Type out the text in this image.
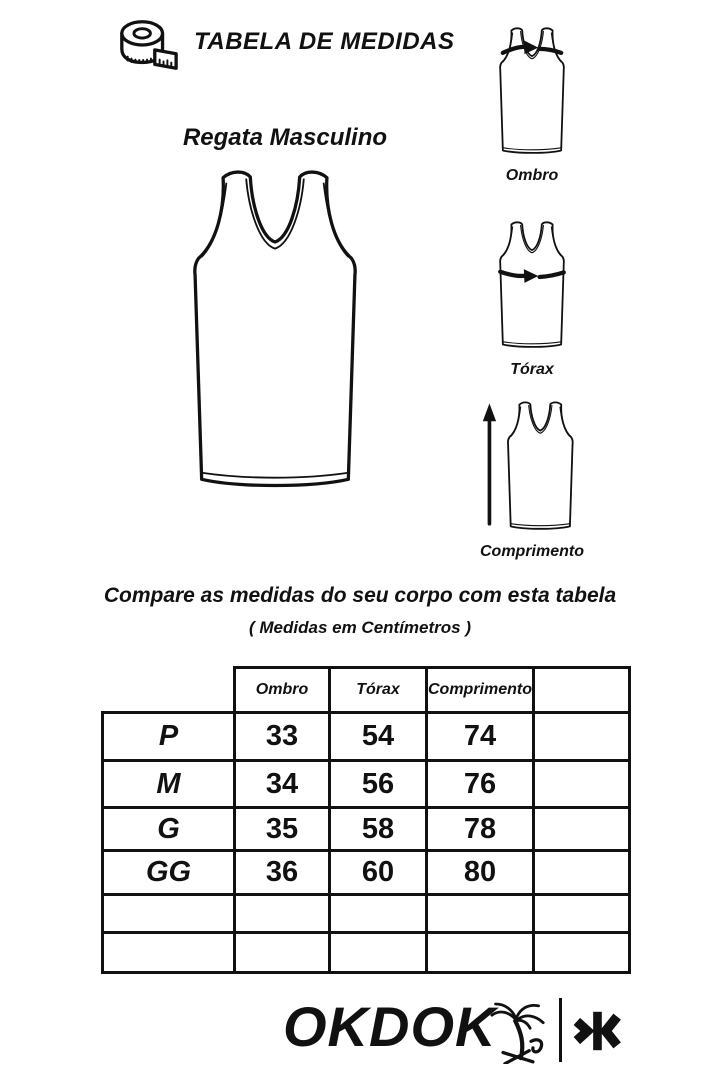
TABELA DE MEDIDAS
Regata Masculino
Ombro
Tórax
Comprimento
Compare as medidas do seu corpo com esta tabela
( Medidas em Centímetros )
	Ombro	Tórax	Comprimento	
P	33	54	74	
M	34	56	76	
G	35	58	78	
GG	36	60	80	

OKDOK
